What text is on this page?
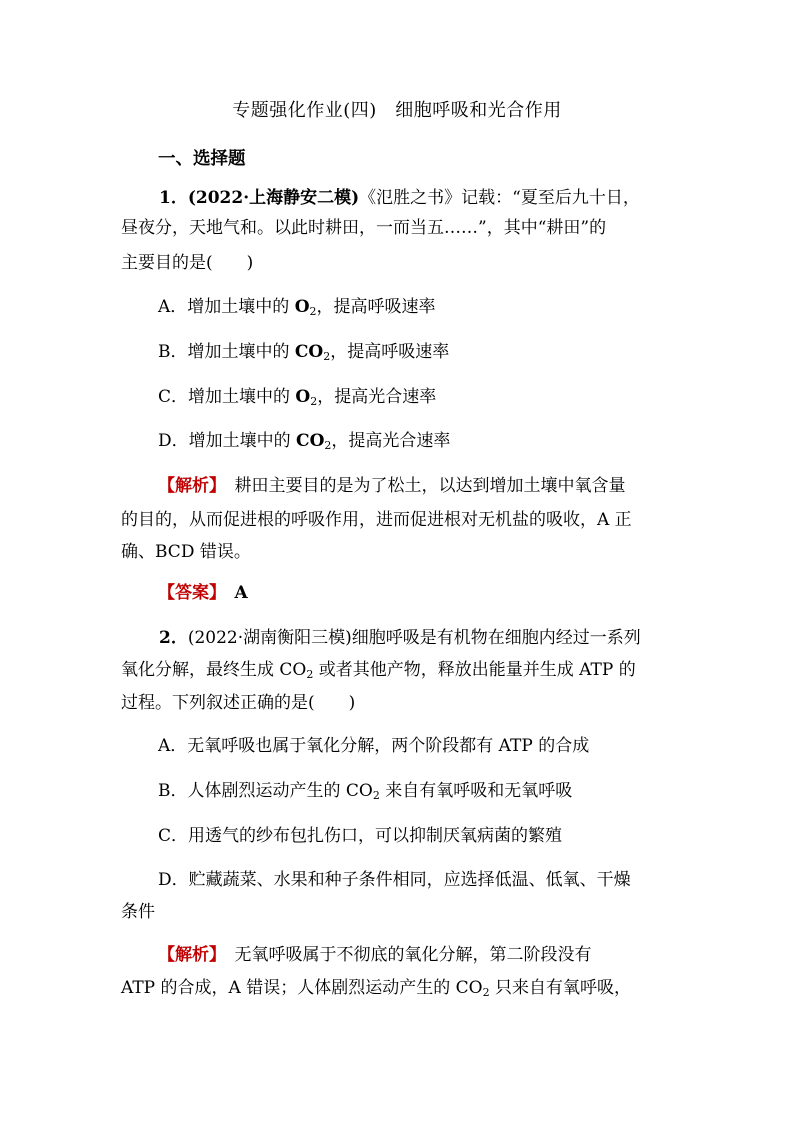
专题强化作业(四)　细胞呼吸和光合作用
一、选择题
1．(2022·上海静安二模)《氾胜之书》记载：“夏至后九十日，
昼夜分，天地气和。以此时耕田，一而当五……”，其中“耕田”的
主要目的是(　　)
A．增加土壤中的 $O_2$，提高呼吸速率
B．增加土壤中的 $CO_2$，提高呼吸速率
C．增加土壤中的 $O_2$，提高光合速率
D．增加土壤中的 $CO_2$，提高光合速率
【解析】　 耕田主要目的是为了松土，以达到增加土壤中氧含量
的目的，从而促进根的呼吸作用，进而促进根对无机盐的吸收，A 正
确、BCD 错误。
【答案】　 A
2．(2022·湖南衡阳三模)细胞呼吸是有机物在细胞内经过一系列
氧化分解，最终生成 $CO_2$ 或者其他产物，释放出能量并生成 ATP 的
过程。下列叙述正确的是(　　)
A．无氧呼吸也属于氧化分解，两个阶段都有 ATP 的合成
B．人体剧烈运动产生的 $CO_2$ 来自有氧呼吸和无氧呼吸
C．用透气的纱布包扎伤口，可以抑制厌氧病菌的繁殖
D．贮藏蔬菜、水果和种子条件相同，应选择低温、低氧、干燥
条件
【解析】　 无氧呼吸属于不彻底的氧化分解，第二阶段没有
ATP 的合成，A 错误；人体剧烈运动产生的 $CO_2$ 只来自有氧呼吸，
